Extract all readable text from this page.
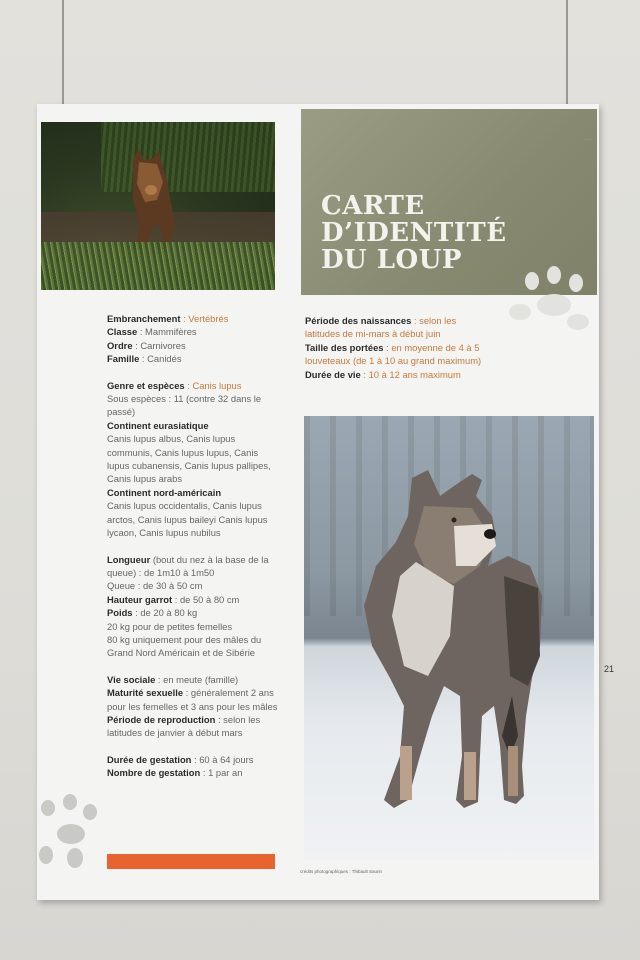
· · ·
CARTE
D’IDENTITÉ
DU LOUP

Embranchement : Vertébrés

Classe : Mammifères

Ordre : Carnivores

Famille : Canidés

Genre et espèces : Canis lupus

Sous espèces : 11 (contre 32 dans le passé)

Continent eurasiatique

Canis lupus albus, Canis lupus communis, Canis lupus lupus, Canis lupus cubanensis, Canis lupus pallipes, Canis lupus arabs

Continent nord-américain

Canis lupus occidentalis, Canis lupus arctos, Canis lupus baileyi Canis lupus lycaon, Canis lupus nubilus

Longueur (bout du nez à la base de la queue) : de 1m10 à 1m50

Queue : de 30 à 50 cm

Hauteur garrot : de 50 à 80 cm

Poids : de 20 à 80 kg

20 kg pour de petites femelles

80 kg uniquement pour des mâles du Grand Nord Américain et de Sibérie

Vie sociale : en meute (famille)

Maturité sexuelle : généralement 2 ans pour les femelles et 3 ans pour les mâles

Période de reproduction : selon les latitudes de janvier à début mars

Durée de gestation : 60 à 64 jours

Nombre de gestation : 1 par an

Période des naissances : selon les latitudes de mi-mars à début juin

Taille des portées : en moyenne de 4 à 5 louveteaux (de 1 à 10 au grand maximum)

Durée de vie : 10 à 12 ans maximum

crédits photographiques : Thibault Saurin
21
